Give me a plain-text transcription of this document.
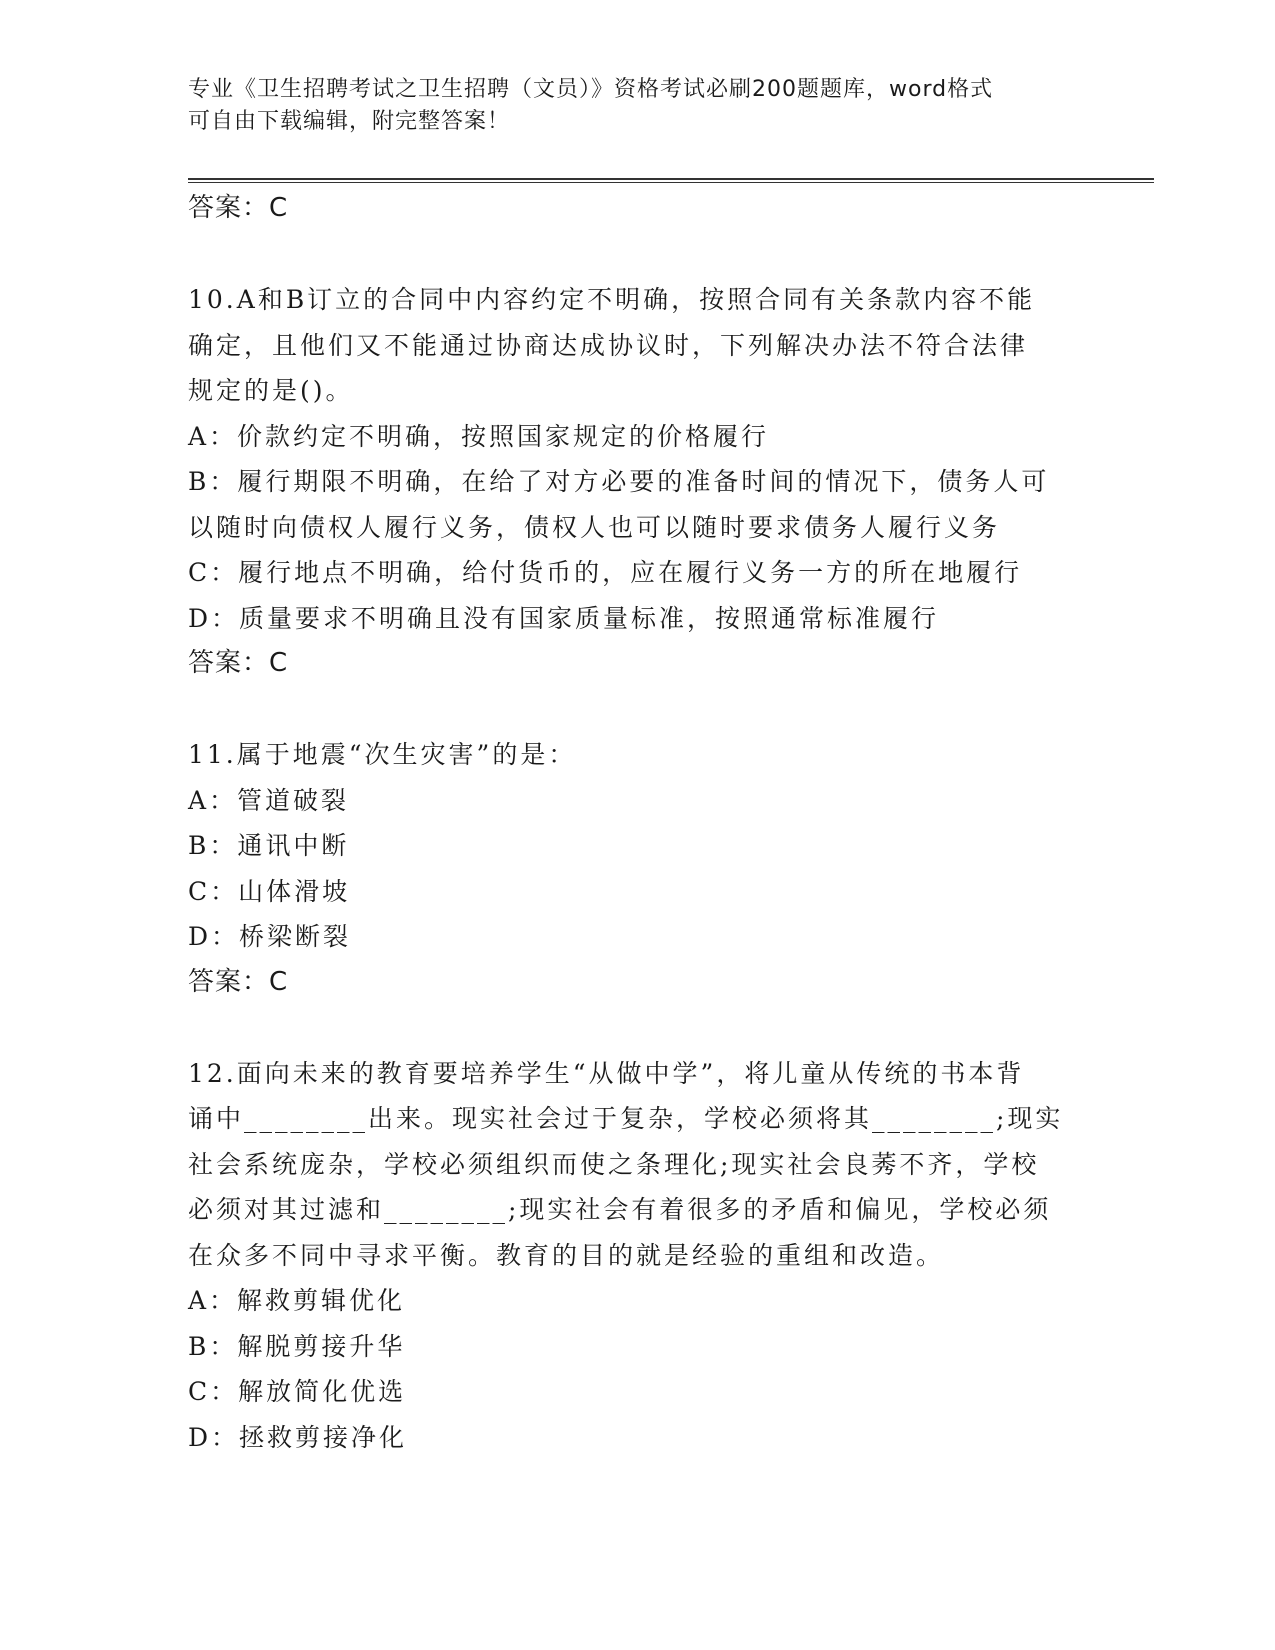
专业《卫生招聘考试之卫生招聘（文员）》资格考试必刷200题题库，word格式
可自由下载编辑，附完整答案！
答案：C
10.A和B订立的合同中内容约定不明确，按照合同有关条款内容不能
确定，且他们又不能通过协商达成协议时，下列解决办法不符合法律
规定的是()。
A：价款约定不明确，按照国家规定的价格履行
B：履行期限不明确，在给了对方必要的准备时间的情况下，债务人可
以随时向债权人履行义务，债权人也可以随时要求债务人履行义务
C：履行地点不明确，给付货币的，应在履行义务一方的所在地履行
D：质量要求不明确且没有国家质量标准，按照通常标准履行
答案：C
11.属于地震“次生灾害”的是：
A：管道破裂
B：通讯中断
C：山体滑坡
D：桥梁断裂
答案：C
12.面向未来的教育要培养学生“从做中学”，将儿童从传统的书本背
诵中________出来。现实社会过于复杂，学校必须将其________;现实
社会系统庞杂，学校必须组织而使之条理化;现实社会良莠不齐，学校
必须对其过滤和________;现实社会有着很多的矛盾和偏见，学校必须
在众多不同中寻求平衡。教育的目的就是经验的重组和改造。
A：解救剪辑优化
B：解脱剪接升华
C：解放简化优选
D：拯救剪接净化
